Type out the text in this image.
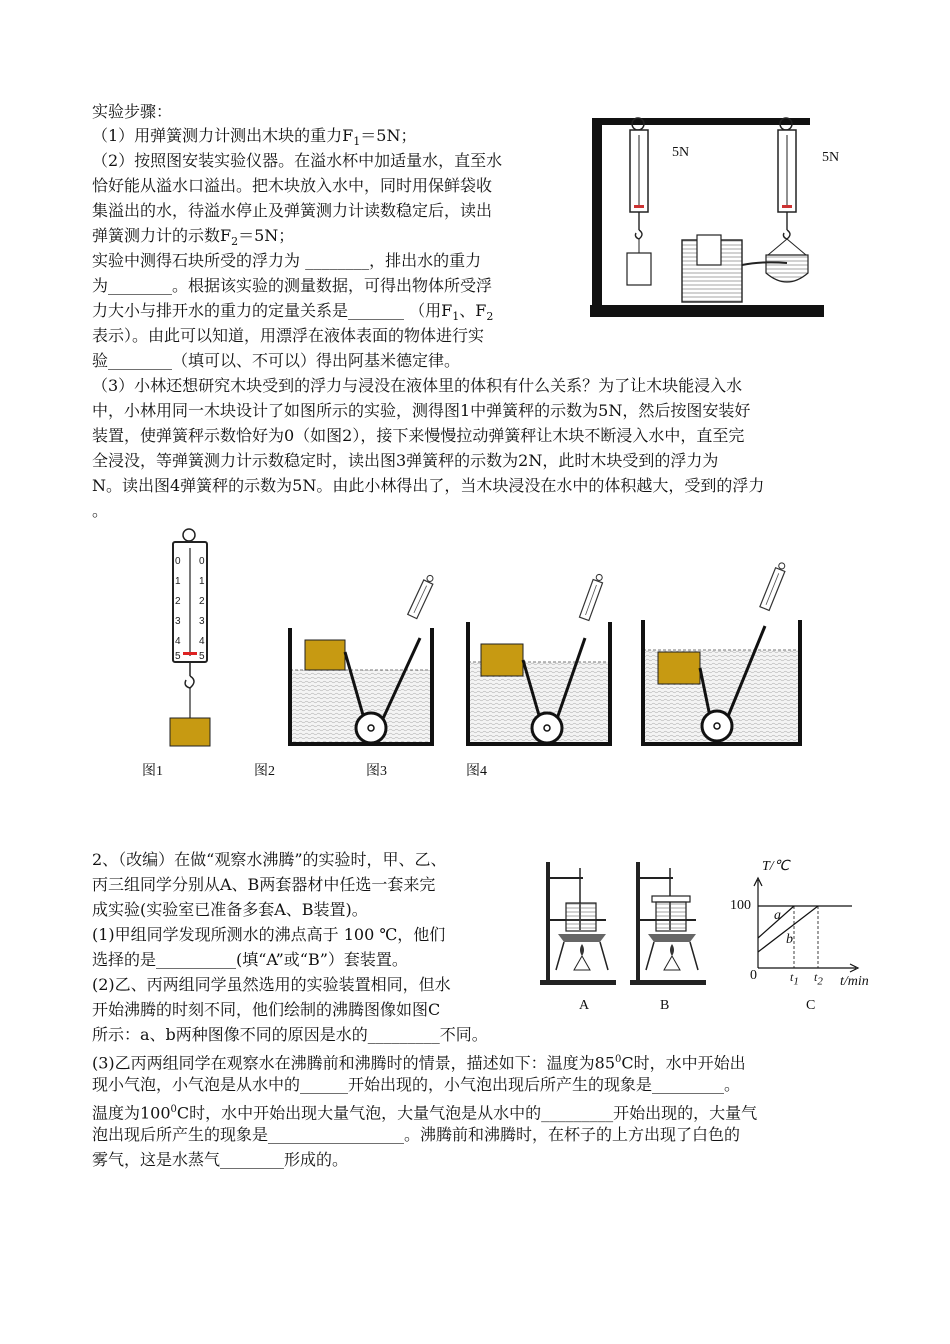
实验步骤：
（1）用弹簧测力计测出木块的重力$F_1=5N$；
（2）按照图安装实验仪器。在溢水杯中加适量水，直至水
恰好能从溢水口溢出。把木块放入水中，同时用保鲜袋收
集溢出的水，待溢水停止及弹簧测力计读数稳定后，读出
弹簧测力计的示数$F_2=5N$；
实验中测得石块所受的浮力为 ________，排出水的重力
为________。根据该实验的测量数据，可得出物体所受浮
力大小与排开水的重力的定量关系是_______ （用$F_1$、$F_2$
表示）。由此可以知道，用漂浮在液体表面的物体进行实
验________（填可以、不可以）得出阿基米德定律。
（3）小林还想研究木块受到的浮力与浸没在液体里的体积有什么关系？为了让木块能浸入水
中，小林用同一木块设计了如图所示的实验，测得图1中弹簧秤的示数为5N，然后按图安装好
装置，使弹簧秤示数恰好为0（如图2），接下来慢慢拉动弹簧秤让木块不断浸入水中，直至完
全浸没，等弹簧测力计示数稳定时，读出图3弹簧秤的示数为2N，此时木块受到的浮力为
N。读出图4弹簧秤的示数为5N。由此小林得出了，当木块浸没在水中的体积越大，受到的浮力
。
5N	5N
0 0
1 1
2 2
3 3
4 4
5 5
图1	图2	图3	图4
2、（改编）在做“观察水沸腾”的实验时，甲、乙、
丙三组同学分别从A、B两套器材中任选一套来完
成实验(实验室已准备多套A、B装置)。
(1)甲组同学发现所测水的沸点高于 100 ℃，他们
选择的是__________(填“A”或“B”）套装置。
(2)乙、丙两组同学虽然选用的实验装置相同，但水
开始沸腾的时刻不同，他们绘制的沸腾图像如图C
所示：a、b两种图像不同的原因是水的_________不同。
(3)乙丙两组同学在观察水在沸腾前和沸腾时的情景，描述如下：温度为$85^0C$时，水中开始出
现小气泡，小气泡是从水中的______开始出现的，小气泡出现后所产生的现象是_________。
温度为$100^0C$时，水中开始出现大量气泡，大量气泡是从水中的_________开始出现的，大量气
泡出现后所产生的现象是_________________。沸腾前和沸腾时，在杯子的上方出现了白色的
雾气，这是水蒸气________形成的。
A	B
T/℃
100
0
a
b
$t_1$ $t_2$ t/min
C
